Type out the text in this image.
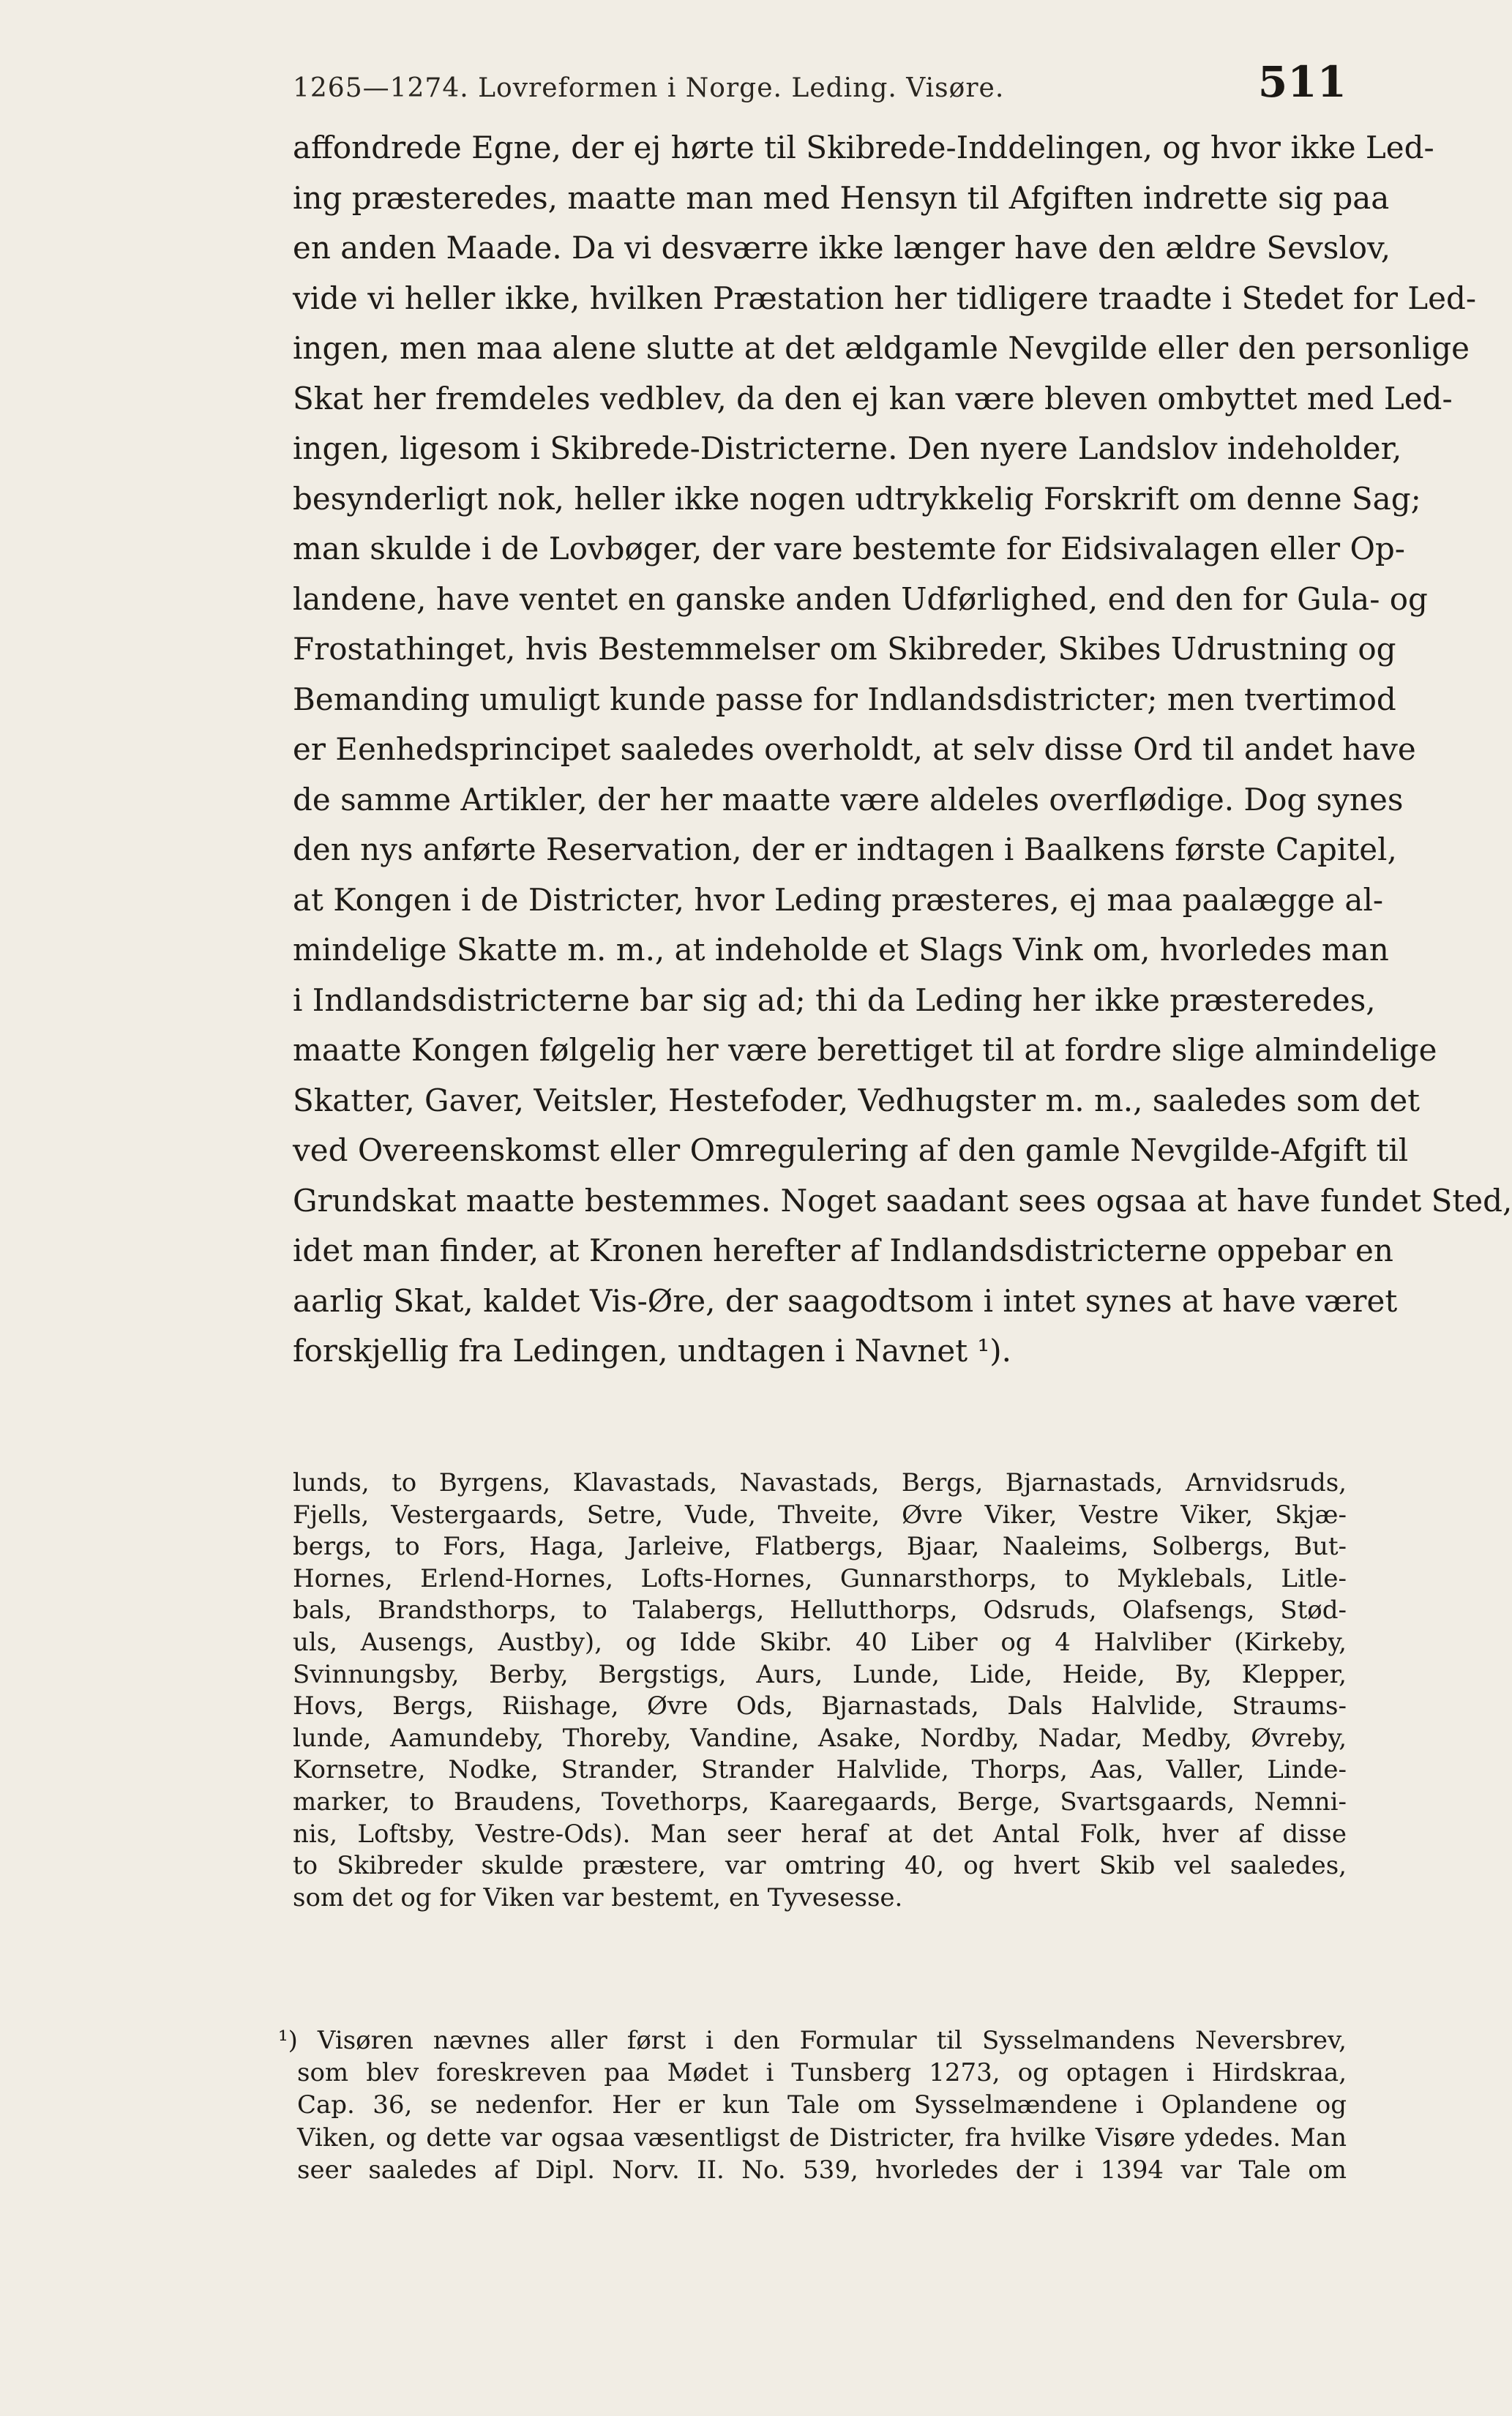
1265—1274. Lovreformen i Norge. Leding. Visøre.	511
affondrede Egne, der ej hørte til Skibrede-Inddelingen, og hvor ikke Led-
ing præsteredes, maatte man med Hensyn til Afgiften indrette sig paa
en anden Maade. Da vi desværre ikke længer have den ældre Sevslov,
vide vi heller ikke, hvilken Præstation her tidligere traadte i Stedet for Led-
ingen, men maa alene slutte at det ældgamle Nevgilde eller den personlige
Skat her fremdeles vedblev, da den ej kan være bleven ombyttet med Led-
ingen, ligesom i Skibrede-Districterne. Den nyere Landslov indeholder,
besynderligt nok, heller ikke nogen udtrykkelig Forskrift om denne Sag;
man skulde i de Lovbøger, der vare bestemte for Eidsivalagen eller Op-
landene, have ventet en ganske anden Udførlighed, end den for Gula- og
Frostathinget, hvis Bestemmelser om Skibreder, Skibes Udrustning og
Bemanding umuligt kunde passe for Indlandsdistricter; men tvertimod
er Eenhedsprincipet saaledes overholdt, at selv disse Ord til andet have
de samme Artikler, der her maatte være aldeles overflødige. Dog synes
den nys anførte Reservation, der er indtagen i Baalkens første Capitel,
at Kongen i de Districter, hvor Leding præsteres, ej maa paalægge al-
mindelige Skatte m. m., at indeholde et Slags Vink om, hvorledes man
i Indlandsdistricterne bar sig ad; thi da Leding her ikke præsteredes,
maatte Kongen følgelig her være berettiget til at fordre slige almindelige
Skatter, Gaver, Veitsler, Hestefoder, Vedhugster m. m., saaledes som det
ved Overeenskomst eller Omregulering af den gamle Nevgilde-Afgift til
Grundskat maatte bestemmes. Noget saadant sees ogsaa at have fundet Sted,
idet man finder, at Kronen herefter af Indlandsdistricterne oppebar en
aarlig Skat, kaldet Vis-Øre, der saagodtsom i intet synes at have været
forskjellig fra Ledingen, undtagen i Navnet ¹).
lunds, to Byrgens, Klavastads, Navastads, Bergs, Bjarnastads, Arnvidsruds,
Fjells, Vestergaards, Setre, Vude, Thveite, Øvre Viker, Vestre Viker, Skjæ-
bergs, to Fors, Haga, Jarleive, Flatbergs, Bjaar, Naaleims, Solbergs, But-
Hornes, Erlend-Hornes, Lofts-Hornes, Gunnarsthorps, to Myklebals, Litle-
bals, Brandsthorps, to Talabergs, Hellutthorps, Odsruds, Olafsengs, Stød-
uls, Ausengs, Austby), og Idde Skibr. 40 Liber og 4 Halvliber (Kirkeby,
Svinnungsby, Berby, Bergstigs, Aurs, Lunde, Lide, Heide, By, Klepper,
Hovs, Bergs, Riishage, Øvre Ods, Bjarnastads, Dals Halvlide, Straums-
lunde, Aamundeby, Thoreby, Vandine, Asake, Nordby, Nadar, Medby, Øvreby,
Kornsetre, Nodke, Strander, Strander Halvlide, Thorps, Aas, Valler, Linde-
marker, to Braudens, Tovethorps, Kaaregaards, Berge, Svartsgaards, Nemni-
nis, Loftsby, Vestre-Ods). Man seer heraf at det Antal Folk, hver af disse
to Skibreder skulde præstere, var omtring 40, og hvert Skib vel saaledes,
som det og for Viken var bestemt, en Tyvesesse.
¹) Visøren nævnes aller først i den Formular til Sysselmandens Neversbrev,
som blev foreskreven paa Mødet i Tunsberg 1273, og optagen i Hirdskraa,
Cap. 36, se nedenfor. Her er kun Tale om Sysselmændene i Oplandene og
Viken, og dette var ogsaa væsentligst de Districter, fra hvilke Visøre ydedes. Man
seer saaledes af Dipl. Norv. II. No. 539, hvorledes der i 1394 var Tale om
